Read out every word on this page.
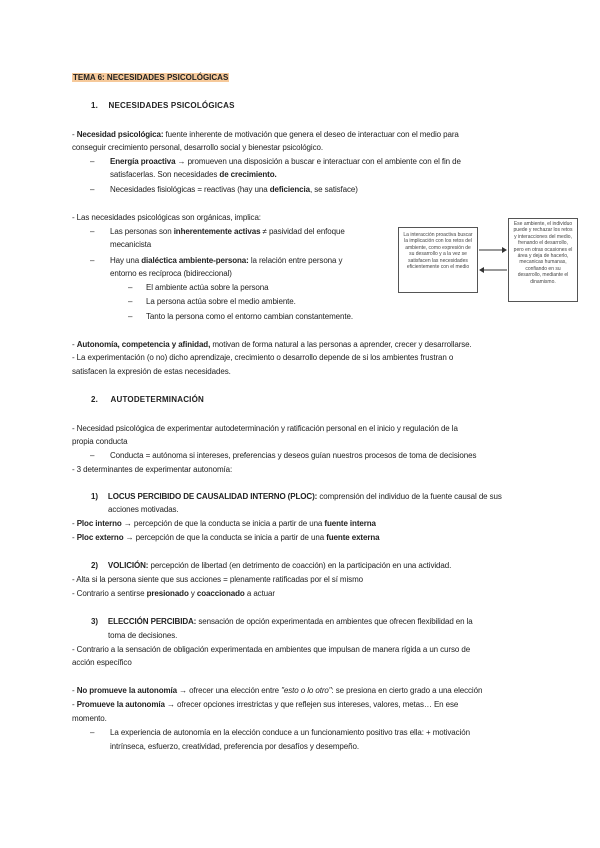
TEMA 6: NECESIDADES PSICOLÓGICAS
1. NECESIDADES PSICOLÓGICAS
- Necesidad psicológica: fuente inherente de motivación que genera el deseo de interactuar con el medio para
conseguir crecimiento personal, desarrollo social y bienestar psicológico.
– Energía proactiva → promueven una disposición a buscar e interactuar con el ambiente con el fin de
satisfacerlas. Son necesidades de crecimiento.
– Necesidades fisiológicas = reactivas (hay una deficiencia, se satisface)
- Las necesidades psicológicas son orgánicas, implica:
– Las personas son inherentemente activas ≠ pasividad del enfoque
mecanicista
– Hay una dialéctica ambiente-persona: la relación entre persona y
entorno es recíproca (bidireccional)
– El ambiente actúa sobre la persona
– La persona actúa sobre el medio ambiente.
– Tanto la persona como el entorno cambian constantemente.
La interacción proactiva buscar la implicación con los retos del ambiente, como expresión de su desarrollo y a la vez se satisfacen las necesidades eficientemente con el medio
Ese ambiente, el individuo puede y rechazar los retos y interacciones del medio, frenando el desarrollo, pero en otras ocasiones el área y deja de hacerlo, mecanicas humanas, confiando en su desarrollo, mediante el dinamismo.
- Autonomía, competencia y afinidad, motivan de forma natural a las personas a aprender, crecer y desarrollarse.
- La experimentación (o no) dicho aprendizaje, crecimiento o desarrollo depende de si los ambientes frustran o
satisfacen la expresión de estas necesidades.
2. AUTODETERMINACIÓN
- Necesidad psicológica de experimentar autodeterminación y ratificación personal en el inicio y regulación de la
propia conducta
– Conducta = autónoma si intereses, preferencias y deseos guían nuestros procesos de toma de decisiones
- 3 determinantes de experimentar autonomía:
1) LOCUS PERCIBIDO DE CAUSALIDAD INTERNO (PLOC): comprensión del individuo de la fuente causal de sus
acciones motivadas.
- Ploc interno → percepción de que la conducta se inicia a partir de una fuente interna
- Ploc externo → percepción de que la conducta se inicia a partir de una fuente externa
2) VOLICIÓN: percepción de libertad (en detrimento de coacción) en la participación en una actividad.
- Alta si la persona siente que sus acciones = plenamente ratificadas por el sí mismo
- Contrario a sentirse presionado y coaccionado a actuar
3) ELECCIÓN PERCIBIDA: sensación de opción experimentada en ambientes que ofrecen flexibilidad en la
toma de decisiones.
- Contrario a la sensación de obligación experimentada en ambientes que impulsan de manera rígida a un curso de
acción específico
- No promueve la autonomía → ofrecer una elección entre "esto o lo otro": se presiona en cierto grado a una elección
- Promueve la autonomía → ofrecer opciones irrestrictas y que reflejen sus intereses, valores, metas… En ese
momento.
– La experiencia de autonomía en la elección conduce a un funcionamiento positivo tras ella: + motivación
intrínseca, esfuerzo, creatividad, preferencia por desafíos y desempeño.
